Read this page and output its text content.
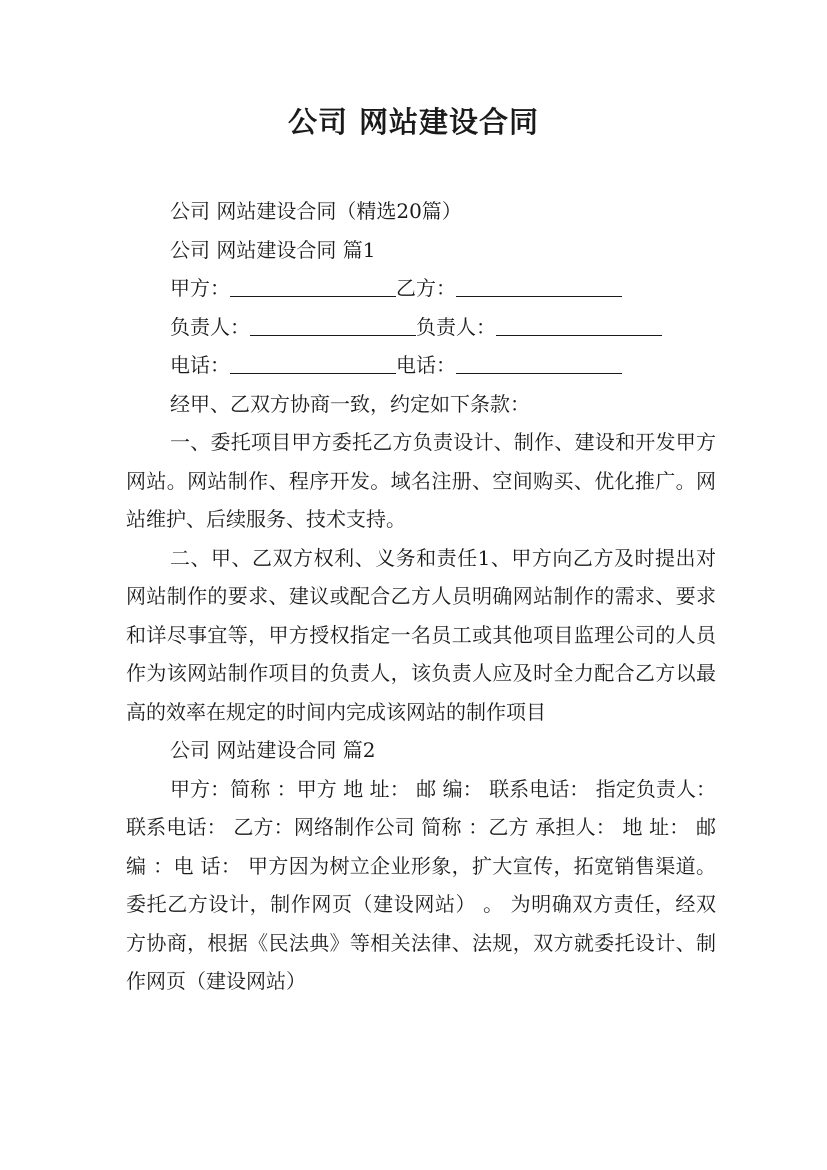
公司 网站建设合同

公司 网站建设合同（精选20篇）

公司 网站建设合同 篇1

甲方：	乙方：

负责人：	负责人：

电话：	电话：

经甲、乙双方协商一致，约定如下条款：

一、委托项目甲方委托乙方负责设计、制作、建设和开发甲方网站。网站制作、程序开发。域名注册、空间购买、优化推广。网站维护、后续服务、技术支持。

二、甲、乙双方权利、义务和责任1、甲方向乙方及时提出对网站制作的要求、建议或配合乙方人员明确网站制作的需求、要求和详尽事宜等，甲方授权指定一名员工或其他项目监理公司的人员作为该网站制作项目的负责人，该负责人应及时全力配合乙方以最高的效率在规定的时间内完成该网站的制作项目

公司 网站建设合同 篇2

甲方：简称 ：甲方 地 址： 邮 编： 联系电话： 指定负责人： 联系电话： 乙方：网络制作公司 简称 ：乙方 承担人： 地 址： 邮编 ：电 话： 甲方因为树立企业形象，扩大宣传，拓宽销售渠道。委托乙方设计，制作网页（建设网站） 。 为明确双方责任，经双方协商，根据《民法典》等相关法律、法规，双方就委托设计、制作网页（建设网站）
